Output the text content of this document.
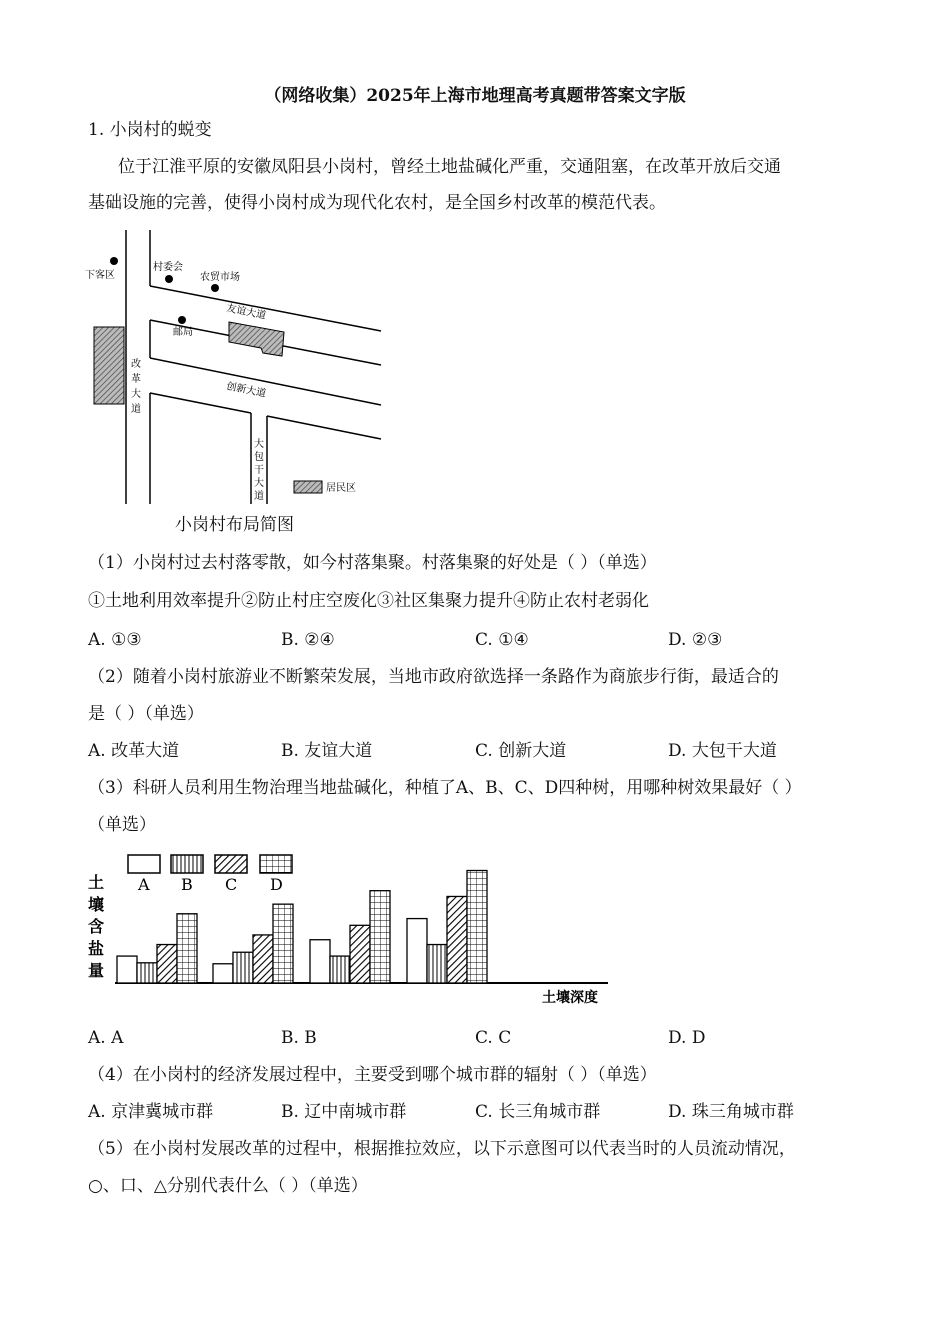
（网络收集）2025年上海市地理高考真题带答案文字版
1. 小岗村的蜕变
位于江淮平原的安徽凤阳县小岗村，曾经土地盐碱化严重，交通阻塞，在改革开放后交通
基础设施的完善，使得小岗村成为现代化农村，是全国乡村改革的模范代表。
下客区
村委会
农贸市场
邮局
友谊大道
创新大道
改
革
大
道
大
包
干
大
道
居民区
小岗村布局简图
（1）小岗村过去村落零散，如今村落集聚。村落集聚的好处是（ ）（单选）
①土地利用效率提升②防止村庄空废化③社区集聚力提升④防止农村老弱化
A. ①③	B. ②④	C. ①④	D. ②③
（2）随着小岗村旅游业不断繁荣发展，当地市政府欲选择一条路作为商旅步行街，最适合的
是（ ）（单选）
A. 改革大道	B. 友谊大道	C. 创新大道	D. 大包干大道
（3）科研人员利用生物治理当地盐碱化，种植了A、B、C、D四种树，用哪种树效果最好（ ）
（单选）
土
壤
含
盐
量
土壤深度
A B C D
A. A	B. B	C. C	D. D
（4）在小岗村的经济发展过程中，主要受到哪个城市群的辐射（ ）（单选）
A. 京津冀城市群	B. 辽中南城市群	C. 长三角城市群	D. 珠三角城市群
（5）在小岗村发展改革的过程中，根据推拉效应，以下示意图可以代表当时的人员流动情况，
○、口、△分别代表什么（ ）（单选）
